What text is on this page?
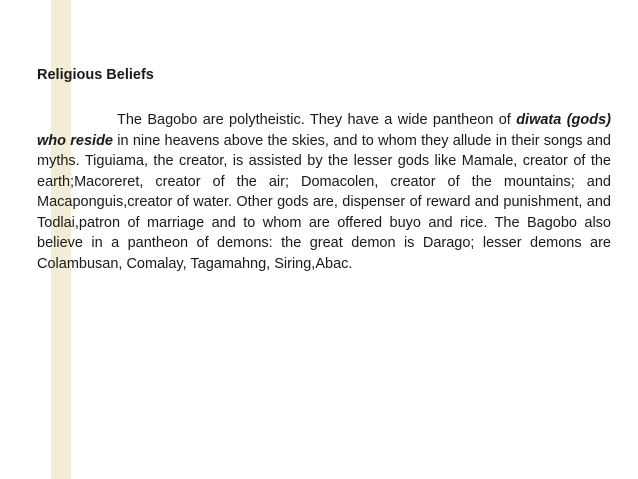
Religious Beliefs
The Bagobo are polytheistic. They have a wide pantheon of diwata (gods) who reside in nine heavens above the skies, and to whom they allude in their songs and myths. Tiguiama, the creator, is assisted by the lesser gods like Mamale, creator of the earth;Macoreret, creator of the air; Domacolen, creator of the mountains; and Macaponguis,creator of water. Other gods are, dispenser of reward and punishment, and Todlai,patron of marriage and to whom are offered buyo and rice. The Bagobo also believe in a pantheon of demons: the great demon is Darago; lesser demons are Colambusan, Comalay, Tagamahng, Siring,Abac.
